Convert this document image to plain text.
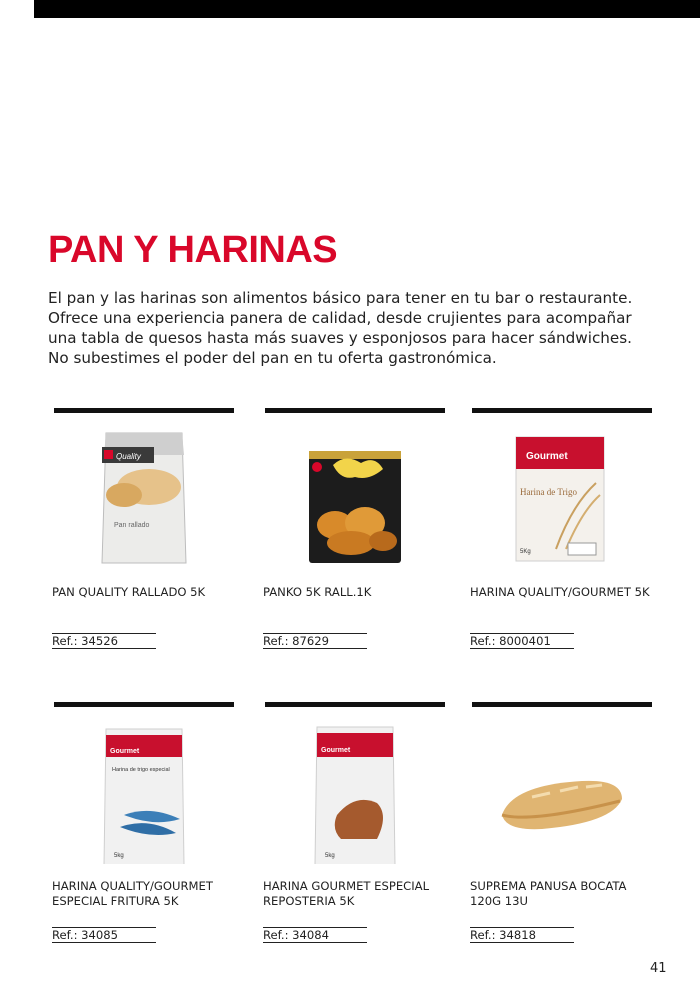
PAN Y HARINAS

El pan y las harinas son alimentos básico para tener en tu bar o restaurante. Ofrece una experiencia panera de calidad, desde crujientes para acompañar una tabla de quesos hasta más suaves y esponjosos para hacer sándwiches. No subestimes el poder del pan en tu oferta gastronómica.

Quality
Pan rallado
PAN QUALITY RALLADO 5K
Ref.: 34526
PANKO 5K RALL.1K
Ref.: 87629
Gourmet
Harina de Trigo
5Kg
HARINA QUALITY/GOURMET 5K
Ref.: 8000401
Gourmet
Harina de trigo especial
5kg
HARINA QUALITY/GOURMET ESPECIAL FRITURA 5K
Ref.: 34085
Gourmet
5kg
HARINA GOURMET ESPECIAL REPOSTERIA 5K
Ref.: 34084
SUPREMA PANUSA BOCATA 120G 13U
Ref.: 34818
41
